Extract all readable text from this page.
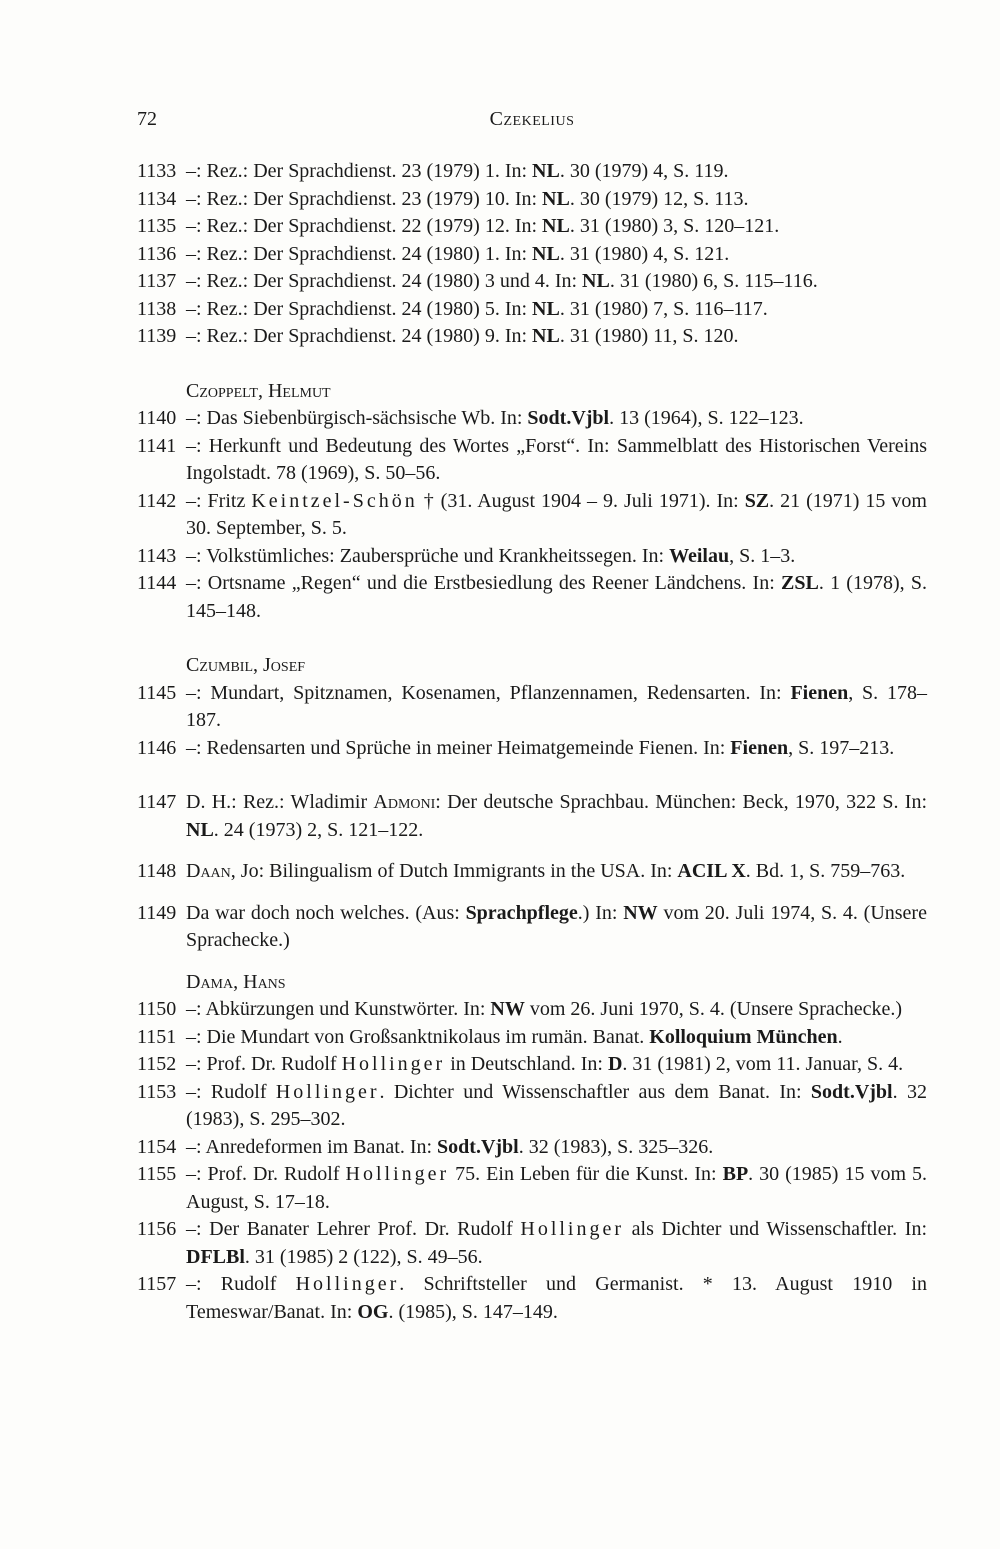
72	Czekelius
1133 –: Rez.: Der Sprachdienst. 23 (1979) 1. In: NL. 30 (1979) 4, S. 119.
1134 –: Rez.: Der Sprachdienst. 23 (1979) 10. In: NL. 30 (1979) 12, S. 113.
1135 –: Rez.: Der Sprachdienst. 22 (1979) 12. In: NL. 31 (1980) 3, S. 120–121.
1136 –: Rez.: Der Sprachdienst. 24 (1980) 1. In: NL. 31 (1980) 4, S. 121.
1137 –: Rez.: Der Sprachdienst. 24 (1980) 3 und 4. In: NL. 31 (1980) 6, S. 115–116.
1138 –: Rez.: Der Sprachdienst. 24 (1980) 5. In: NL. 31 (1980) 7, S. 116–117.
1139 –: Rez.: Der Sprachdienst. 24 (1980) 9. In: NL. 31 (1980) 11, S. 120.
Czoppelt, Helmut
1140 –: Das Siebenbürgisch-sächsische Wb. In: Sodt.Vjbl. 13 (1964), S. 122–123.
1141 –: Herkunft und Bedeutung des Wortes „Forst“. In: Sammelblatt des Historischen Vereins Ingolstadt. 78 (1969), S. 50–56.
1142 –: Fritz Keintzel-Schön † (31. August 1904 – 9. Juli 1971). In: SZ. 21 (1971) 15 vom 30. September, S. 5.
1143 –: Volkstümliches: Zaubersprüche und Krankheitssegen. In: Weilau, S. 1–3.
1144 –: Ortsname „Regen“ und die Erstbesiedlung des Reener Ländchens. In: ZSL. 1 (1978), S. 145–148.
Czumbil, Josef
1145 –: Mundart, Spitznamen, Kosenamen, Pflanzennamen, Redensarten. In: Fienen, S. 178–187.
1146 –: Redensarten und Sprüche in meiner Heimatgemeinde Fienen. In: Fienen, S. 197–213.
1147 D. H.: Rez.: Wladimir Admoni: Der deutsche Sprachbau. München: Beck, 1970, 322 S. In: NL. 24 (1973) 2, S. 121–122.
1148 Daan, Jo: Bilingualism of Dutch Immigrants in the USA. In: ACIL X. Bd. 1, S. 759–763.
1149 Da war doch noch welches. (Aus: Sprachpflege.) In: NW vom 20. Juli 1974, S. 4. (Unsere Sprachecke.)
Dama, Hans
1150 –: Abkürzungen und Kunstwörter. In: NW vom 26. Juni 1970, S. 4. (Unsere Sprachecke.)
1151 –: Die Mundart von Großsanktnikolaus im rumän. Banat. Kolloquium München.
1152 –: Prof. Dr. Rudolf Hollinger in Deutschland. In: D. 31 (1981) 2, vom 11. Januar, S. 4.
1153 –: Rudolf Hollinger. Dichter und Wissenschaftler aus dem Banat. In: Sodt.Vjbl. 32 (1983), S. 295–302.
1154 –: Anredeformen im Banat. In: Sodt.Vjbl. 32 (1983), S. 325–326.
1155 –: Prof. Dr. Rudolf Hollinger 75. Ein Leben für die Kunst. In: BP. 30 (1985) 15 vom 5. August, S. 17–18.
1156 –: Der Banater Lehrer Prof. Dr. Rudolf Hollinger als Dichter und Wissenschaftler. In: DFLBl. 31 (1985) 2 (122), S. 49–56.
1157 –: Rudolf Hollinger. Schriftsteller und Germanist. * 13. August 1910 in Temeswar/Banat. In: OG. (1985), S. 147–149.
